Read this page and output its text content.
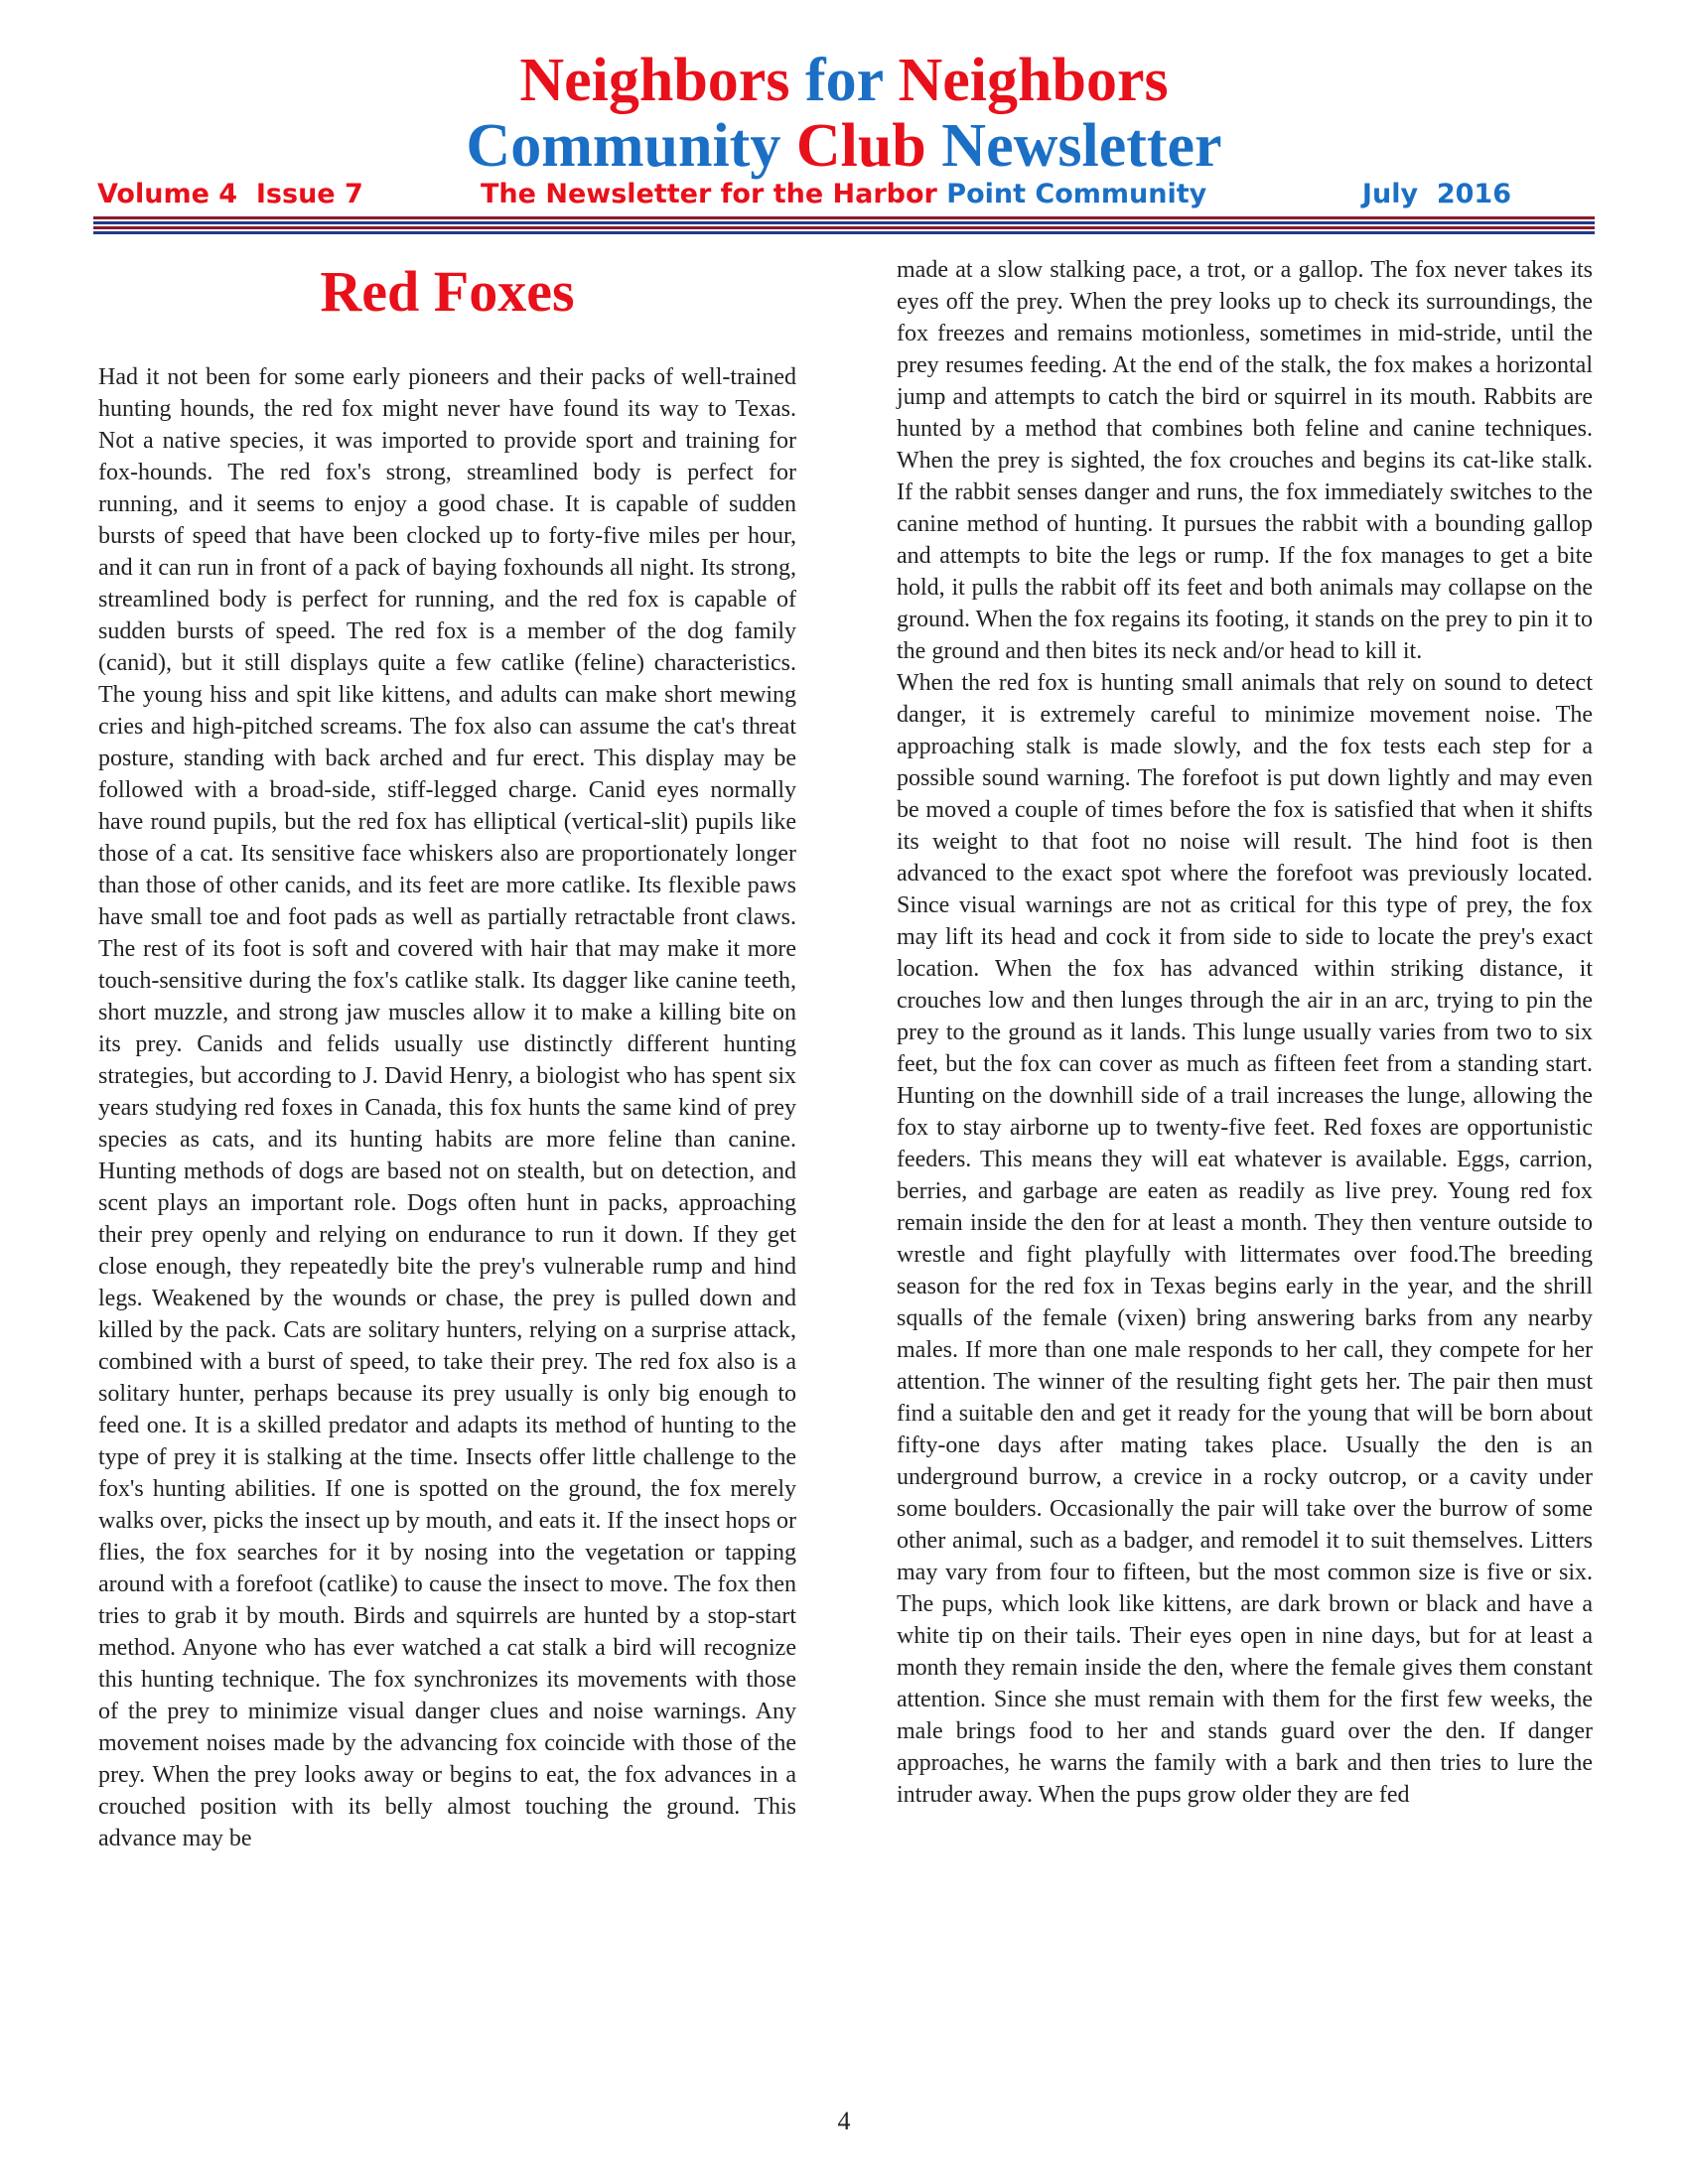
Neighbors for Neighbors
Community Club Newsletter
Volume 4 Issue 7	The Newsletter for the Harbor Point Community	July  2016
Red Foxes

Had it not been for some early pioneers and their packs of well-trained hunting hounds, the red fox might never have found its way to Texas. Not a native species, it was imported to provide sport and training for fox-hounds. The red fox's strong, streamlined body is perfect for running, and it seems to enjoy a good chase. It is capable of sudden bursts of speed that have been clocked up to forty-five miles per hour, and it can run in front of a pack of baying foxhounds all night. Its strong, streamlined body is perfect for running, and the red fox is capable of sudden bursts of speed. The red fox is a member of the dog family (canid), but it still displays quite a few catlike (feline) characteristics. The young hiss and spit like kittens, and adults can make short mewing cries and high-pitched screams. The fox also can assume the cat's threat posture, standing with back arched and fur erect. This display may be followed with a broad-side, stiff-legged charge. Canid eyes normally have round pupils, but the red fox has elliptical (vertical-slit) pupils like those of a cat. Its sensitive face whiskers also are proportionately longer than those of other canids, and its feet are more catlike. Its flexible paws have small toe and foot pads as well as partially retractable front claws. The rest of its foot is soft and covered with hair that may make it more touch-sensitive during the fox's catlike stalk. Its dagger like canine teeth, short muzzle, and strong jaw muscles allow it to make a killing bite on its prey. Canids and felids usually use distinctly different hunting strategies, but according to J. David Henry, a biologist who has spent six years studying red foxes in Canada, this fox hunts the same kind of prey species as cats, and its hunting habits are more feline than canine. Hunting methods of dogs are based not on stealth, but on detection, and scent plays an important role. Dogs often hunt in packs, approaching their prey openly and relying on endurance to run it down. If they get close enough, they repeatedly bite the prey's vulnerable rump and hind legs. Weakened by the wounds or chase, the prey is pulled down and killed by the pack. Cats are solitary hunters, relying on a surprise attack, combined with a burst of speed, to take their prey. The red fox also is a solitary hunter, perhaps because its prey usually is only big enough to feed one. It is a skilled predator and adapts its method of hunting to the type of prey it is stalking at the time. Insects offer little challenge to the fox's hunting abilities. If one is spotted on the ground, the fox merely walks over, picks the insect up by mouth, and eats it. If the insect hops or flies, the fox searches for it by nosing into the vegetation or tapping around with a forefoot (catlike) to cause the insect to move. The fox then tries to grab it by mouth. Birds and squirrels are hunted by a stop-start method. Anyone who has ever watched a cat stalk a bird will recognize this hunting technique. The fox synchronizes its movements with those of the prey to minimize visual danger clues and noise warnings. Any movement noises made by the advancing fox coincide with those of the prey. When the prey looks away or begins to eat, the fox advances in a crouched position with its belly almost touching the ground. This advance may be

made at a slow stalking pace, a trot, or a gallop. The fox never takes its eyes off the prey. When the prey looks up to check its surroundings, the fox freezes and remains motionless, sometimes in mid-stride, until the prey resumes feeding. At the end of the stalk, the fox makes a horizontal jump and attempts to catch the bird or squirrel in its mouth. Rabbits are hunted by a method that combines both feline and canine techniques. When the prey is sighted, the fox crouches and begins its cat-like stalk. If the rabbit senses danger and runs, the fox immediately switches to the canine method of hunting. It pursues the rabbit with a bounding gallop and attempts to bite the legs or rump. If the fox manages to get a bite hold, it pulls the rabbit off its feet and both animals may collapse on the ground. When the fox regains its footing, it stands on the prey to pin it to the ground and then bites its neck and/or head to kill it.

When the red fox is hunting small animals that rely on sound to detect danger, it is extremely careful to minimize movement noise. The approaching stalk is made slowly, and the fox tests each step for a possible sound warning. The forefoot is put down lightly and may even be moved a couple of times before the fox is satisfied that when it shifts its weight to that foot no noise will result. The hind foot is then advanced to the exact spot where the forefoot was previously located. Since visual warnings are not as critical for this type of prey, the fox may lift its head and cock it from side to side to locate the prey's exact location. When the fox has advanced within striking distance, it crouches low and then lunges through the air in an arc, trying to pin the prey to the ground as it lands. This lunge usually varies from two to six feet, but the fox can cover as much as fifteen feet from a standing start. Hunting on the downhill side of a trail increases the lunge, allowing the fox to stay airborne up to twenty-five feet. Red foxes are opportunistic feeders. This means they will eat whatever is available. Eggs, carrion, berries, and garbage are eaten as readily as live prey. Young red fox remain inside the den for at least a month. They then venture outside to wrestle and fight playfully with littermates over food.The breeding season for the red fox in Texas begins early in the year, and the shrill squalls of the female (vixen) bring answering barks from any nearby males. If more than one male responds to her call, they compete for her attention. The winner of the resulting fight gets her. The pair then must find a suitable den and get it ready for the young that will be born about fifty-one days after mating takes place. Usually the den is an underground burrow, a crevice in a rocky outcrop, or a cavity under some boulders. Occasionally the pair will take over the burrow of some other animal, such as a badger, and remodel it to suit themselves. Litters may vary from four to fifteen, but the most common size is five or six. The pups, which look like kittens, are dark brown or black and have a white tip on their tails. Their eyes open in nine days, but for at least a month they remain inside the den, where the female gives them constant attention. Since she must remain with them for the first few weeks, the male brings food to her and stands guard over the den. If danger approaches, he warns the family with a bark and then tries to lure the intruder away. When the pups grow older they are fed

4
